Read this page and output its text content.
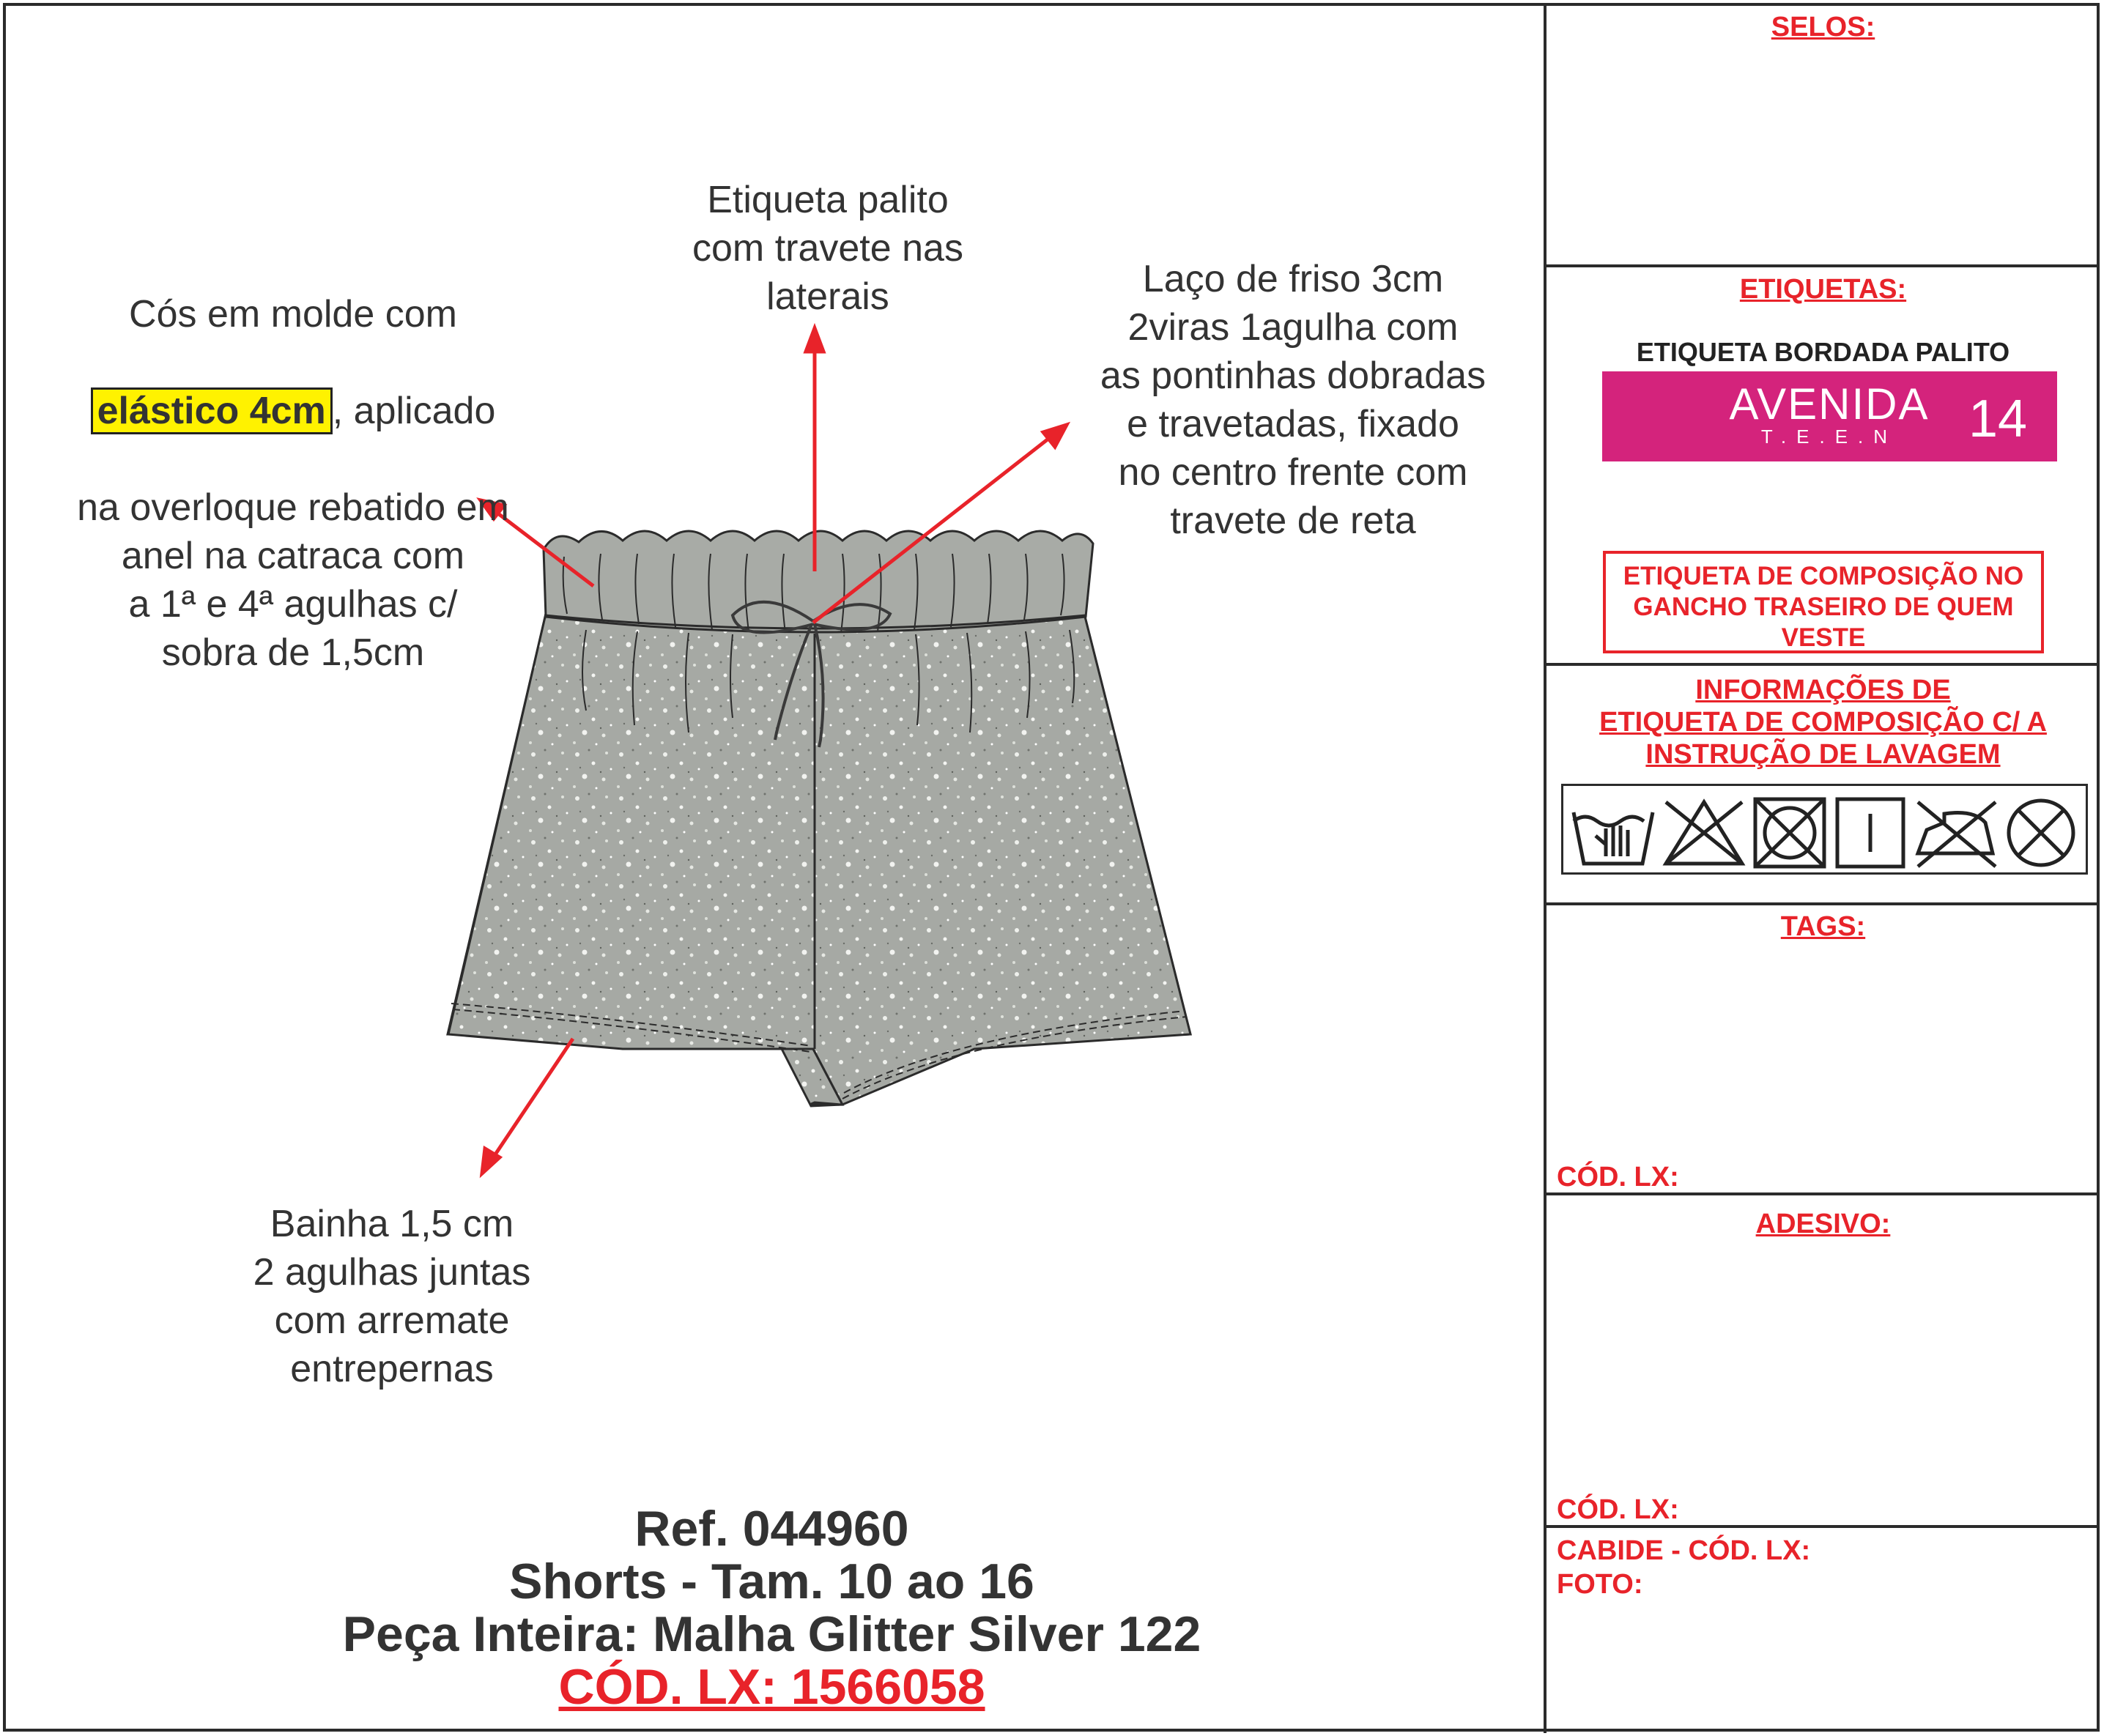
Cós em molde com

elástico 4cm , aplicado

na overloque rebatido em
anel na catraca com
a 1ª e 4ª agulhas c/
sobra de 1,5cm

Etiqueta palito
com travete nas
laterais	Laço de friso 3cm
2viras 1agulha com
as pontinhas dobradas
e travetadas, fixado
no centro frente com
travete de reta
Bainha 1,5 cm
2 agulhas juntas
com arremate
entrepernas
Ref. 044960
Shorts - Tam. 10 ao 16
Peça Inteira: Malha Glitter Silver 122
CÓD. LX: 1566058
SELOS:
ETIQUETAS:
ETIQUETA BORDADA PALITO
AVENIDA
T.E.E.N	14
ETIQUETA DE COMPOSIÇÃO NO
GANCHO TRASEIRO DE QUEM
VESTE
INFORMAÇÕES DE
ETIQUETA DE COMPOSIÇÃO C/ A
INSTRUÇÃO DE LAVAGEM
TAGS:
CÓD. LX:
ADESIVO:
CÓD. LX:
CABIDE - CÓD. LX:
FOTO:
